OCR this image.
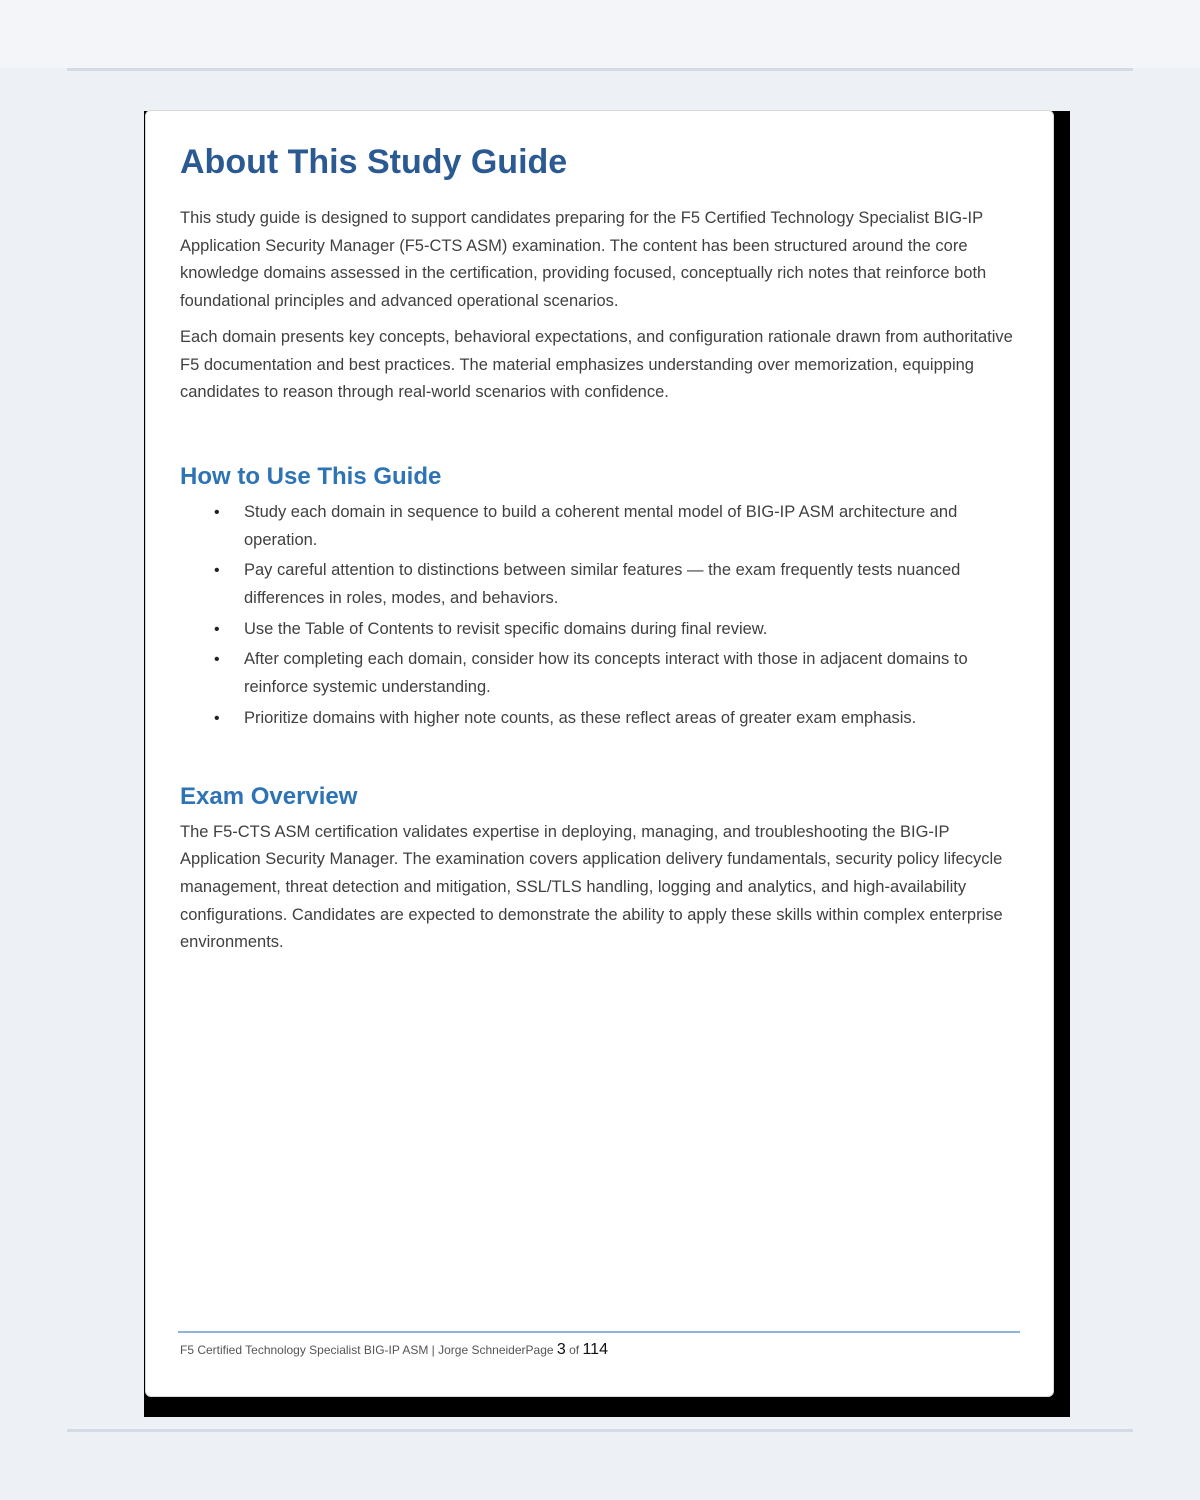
About This Study Guide

This study guide is designed to support candidates preparing for the F5 Certified Technology Specialist BIG-IP Application Security Manager (F5-CTS ASM) examination. The content has been structured around the core knowledge domains assessed in the certification, providing focused, conceptually rich notes that reinforce both foundational principles and advanced operational scenarios.

Each domain presents key concepts, behavioral expectations, and configuration rationale drawn from authoritative F5 documentation and best practices. The material emphasizes understanding over memorization, equipping candidates to reason through real-world scenarios with confidence.

How to Use This Guide
• Study each domain in sequence to build a coherent mental model of BIG-IP ASM architecture and operation.
• Pay careful attention to distinctions between similar features — the exam frequently tests nuanced differences in roles, modes, and behaviors.
• Use the Table of Contents to revisit specific domains during final review.
• After completing each domain, consider how its concepts interact with those in adjacent domains to reinforce systemic understanding.
• Prioritize domains with higher note counts, as these reflect areas of greater exam emphasis.
Exam Overview

The F5-CTS ASM certification validates expertise in deploying, managing, and troubleshooting the BIG-IP Application Security Manager. The examination covers application delivery fundamentals, security policy lifecycle management, threat detection and mitigation, SSL/TLS handling, logging and analytics, and high-availability configurations. Candidates are expected to demonstrate the ability to apply these skills within complex enterprise environments.

F5 Certified Technology Specialist BIG-IP ASM | Jorge SchneiderPage 3 of 114
